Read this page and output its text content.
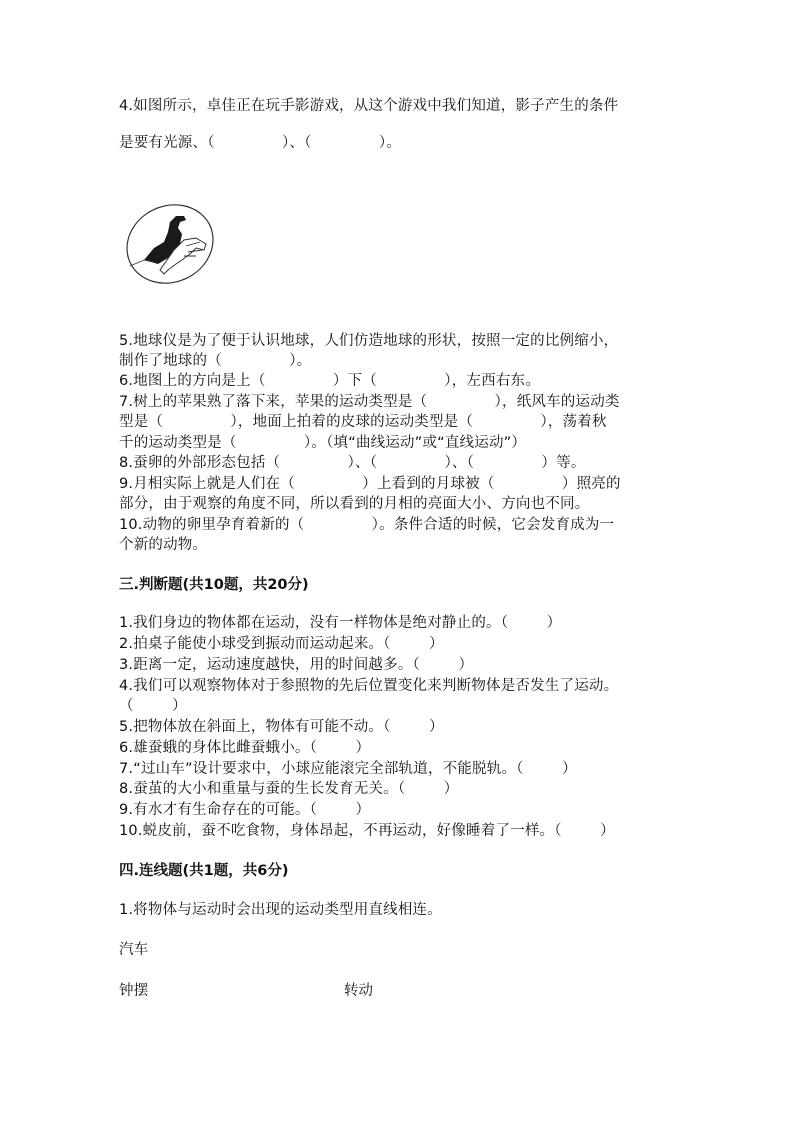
4.如图所示，卓佳正在玩手影游戏，从这个游戏中我们知道，影子产生的条件
是要有光源、（              ）、（              ）。
5.地球仪是为了便于认识地球，人们仿造地球的形状，按照一定的比例缩小，
制作了地球的（              ）。
6.地图上的方向是上（              ）下（              ），左西右东。
7.树上的苹果熟了落下来，苹果的运动类型是（              ），纸风车的运动类
型是（              ），地面上拍着的皮球的运动类型是（              ），荡着秋
千的运动类型是（              ）。（填“曲线运动”或“直线运动”）
8.蚕卵的外部形态包括（              ）、（              ）、（              ）等。
9.月相实际上就是人们在（              ）上看到的月球被（              ）照亮的
部分，由于观察的角度不同，所以看到的月相的亮面大小、方向也不同。
10.动物的卵里孕育着新的（              ）。条件合适的时候，它会发育成为一
个新的动物。
三.判断题(共10题，共20分)
1.我们身边的物体都在运动，没有一样物体是绝对静止的。（        ）
2.拍桌子能使小球受到振动而运动起来。（        ）
3.距离一定，运动速度越快，用的时间越多。（        ）
4.我们可以观察物体对于参照物的先后位置变化来判断物体是否发生了运动。
（        ）
5.把物体放在斜面上，物体有可能不动。（        ）
6.雄蚕蛾的身体比雌蚕蛾小。（        ）
7.“过山车”设计要求中，小球应能滚完全部轨道，不能脱轨。（        ）
8.蚕茧的大小和重量与蚕的生长发育无关。（        ）
9.有水才有生命存在的可能。（        ）
10.蜕皮前，蚕不吃食物，身体昂起，不再运动，好像睡着了一样。（        ）
四.连线题(共1题，共6分)
1.将物体与运动时会出现的运动类型用直线相连。
汽车
钟摆	转动
